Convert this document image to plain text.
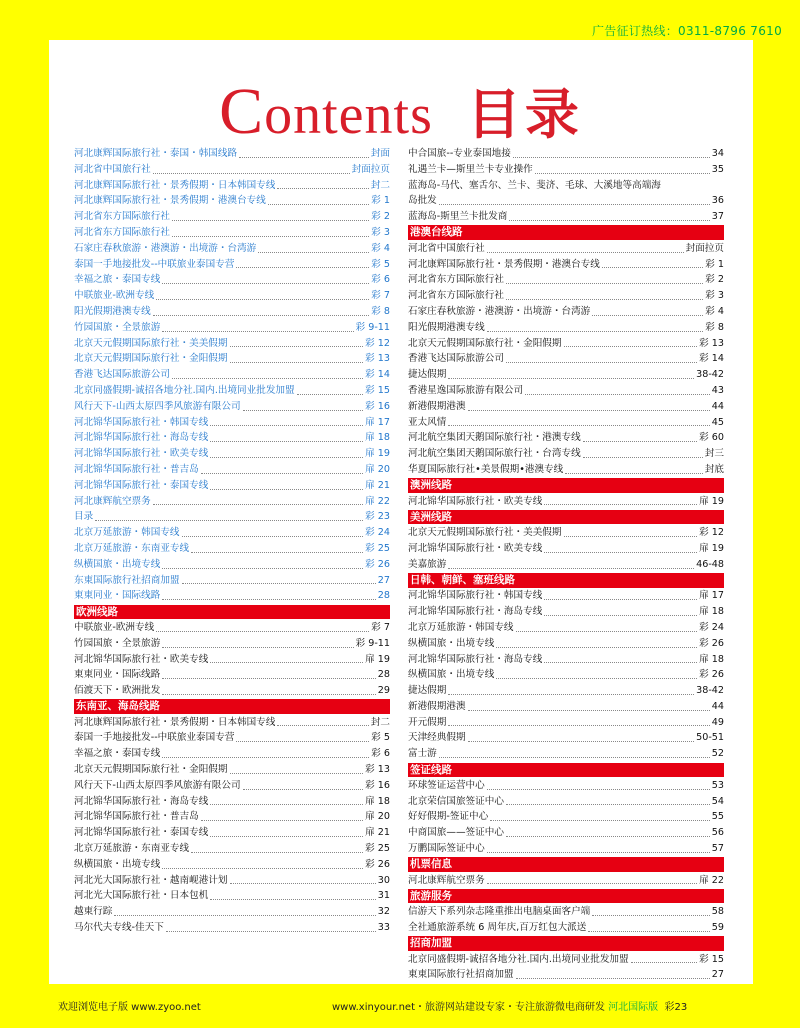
广告征订热线：0311-8796 7610
Contents 目录
河北康辉国际旅行社・泰国・韩国线路	封面
河北省中国旅行社	封面拉页
河北康辉国际旅行社・景秀假期・日本韩国专线	封二
河北康辉国际旅行社・景秀假期・港澳台专线	彩 1
河北省东方国际旅行社	彩 2
河北省东方国际旅行社	彩 3
石家庄春秋旅游・港澳游・出境游・台湾游	彩 4
泰国一手地接批发--中联旅业泰国专营	彩 5
幸福之旅・泰国专线	彩 6
中联旅业-欧洲专线	彩 7
阳光假期港澳专线	彩 8
竹园国旅・全景旅游	彩 9-11
北京天元假期国际旅行社・美美假期	彩 12
北京天元假期国际旅行社・金阳假期	彩 13
香港飞达国际旅游公司	彩 14
北京同盛假期-诚招各地分社.国内.出境同业批发加盟	彩 15
风行天下-山西太原四季风旅游有限公司	彩 16
河北锦华国际旅行社・韩国专线	扉 17
河北锦华国际旅行社・海岛专线	扉 18
河北锦华国际旅行社・欧美专线	扉 19
河北锦华国际旅行社・普吉岛	扉 20
河北锦华国际旅行社・泰国专线	扉 21
河北康辉航空票务	扉 22
目录	彩 23
北京万延旅游・韩国专线	彩 24
北京万延旅游・东南亚专线	彩 25
纵横国旅・出境专线	彩 26
东東国际旅行社招商加盟	27
東東同业・国际线路	28
欧洲线路
中联旅业-欧洲专线	彩 7
竹园国旅・全景旅游	彩 9-11
河北锦华国际旅行社・欧美专线	扉 19
東東同业・国际线路	28
佰渡天下・欧洲批发	29
东南亚、海岛线路
河北康辉国际旅行社・景秀假期・日本韩国专线	封二
泰国一手地接批发--中联旅业泰国专营	彩 5
幸福之旅・泰国专线	彩 6
北京天元假期国际旅行社・金阳假期	彩 13
风行天下-山西太原四季风旅游有限公司	彩 16
河北锦华国际旅行社・海岛专线	扉 18
河北锦华国际旅行社・普吉岛	扉 20
河北锦华国际旅行社・泰国专线	扉 21
北京万延旅游・东南亚专线	彩 25
纵横国旅・出境专线	彩 26
河北光大国际旅行社・越南岘港计划	30
河北光大国际旅行社・日本包机	31
越東行踪	32
马尔代夫专线-佳天下	33
中合国旅--专业泰国地接	34
礼遇兰卡—斯里兰卡专业操作	35
蓝海岛-马代、塞舌尔、兰卡、斐济、毛球、大溪地等高端海
岛批发	36
蓝海岛-斯里兰卡批发商	37
港澳台线路
河北省中国旅行社	封面拉页
河北康辉国际旅行社・景秀假期・港澳台专线	彩 1
河北省东方国际旅行社	彩 2
河北省东方国际旅行社	彩 3
石家庄春秋旅游・港澳游・出境游・台湾游	彩 4
阳光假期港澳专线	彩 8
北京天元假期国际旅行社・金阳假期	彩 13
香港飞达国际旅游公司	彩 14
捷达假期	38-42
香港星逸国际旅游有限公司	43
新港假期港澳	44
亚太风情	45
河北航空集团天鹅国际旅行社・港澳专线	彩 60
河北航空集团天鹅国际旅行社・台湾专线	封三
华夏国际旅行社•美景假期•港澳专线	封底
澳洲线路
河北锦华国际旅行社・欧美专线	扉 19
美洲线路
北京天元假期国际旅行社・美美假期	彩 12
河北锦华国际旅行社・欧美专线	扉 19
美嘉旅游	46-48
日韩、朝鲜、塞班线路
河北锦华国际旅行社・韩国专线	扉 17
河北锦华国际旅行社・海岛专线	扉 18
北京万延旅游・韩国专线	彩 24
纵横国旅・出境专线	彩 26
河北锦华国际旅行社・海岛专线	扉 18
纵横国旅・出境专线	彩 26
捷达假期	38-42
新港假期港澳	44
开元假期	49
天津经典假期	50-51
富士游	52
签证线路
环球签证运营中心	53
北京荣信国旅签证中心	54
好好假期-签证中心	55
中商国旅——签证中心	56
万鹏国际签证中心	57
机票信息
河北康辉航空票务	扉 22
旅游服务
信游天下系列杂志隆重推出电脑桌面客户端	58
全社通旅游系统 6 周年庆,百万红包大派送	59
招商加盟
北京同盛假期-诚招各地分社.国内.出境同业批发加盟	彩 15
東東国际旅行社招商加盟	27
欢迎浏览电子版 www.zyoo.net	www.xinyour.net・旅游网站建设专家・专注旅游微电商研发 河北国际版 彩23
